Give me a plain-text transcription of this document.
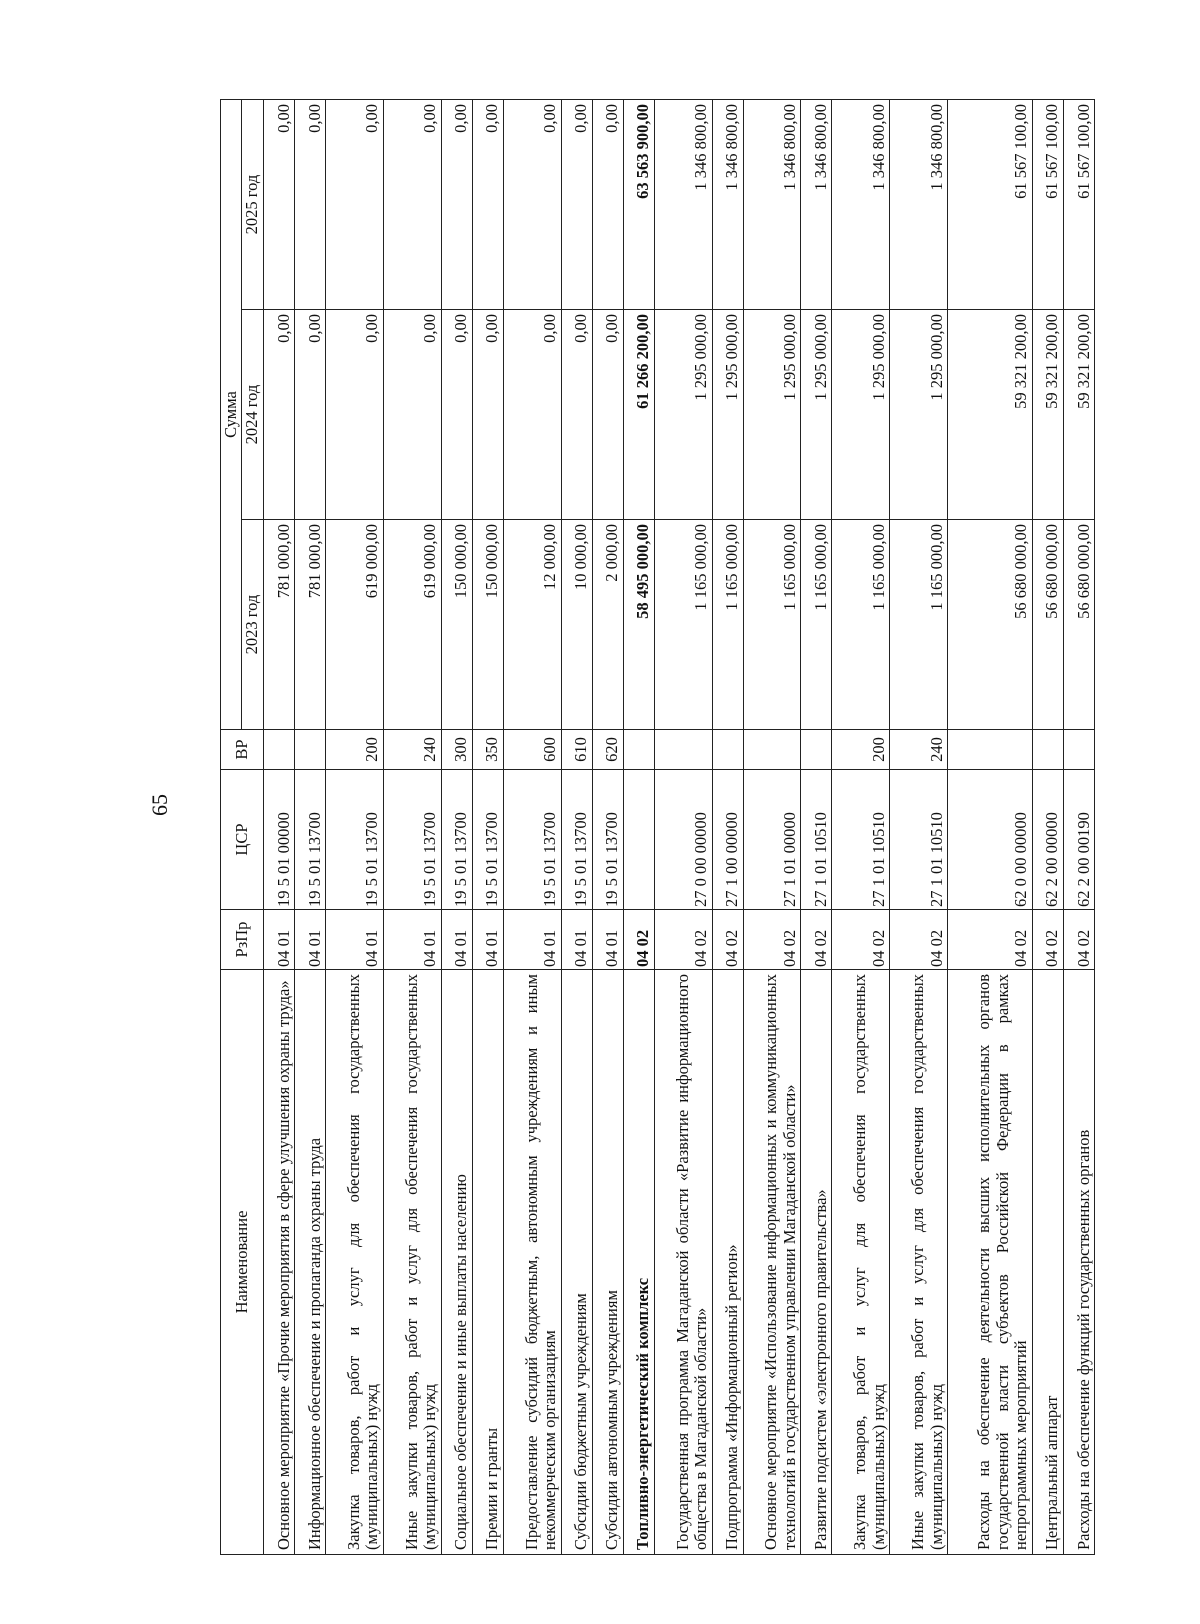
65
Наименование	РзПр	ЦСР	ВР	Сумма		
				2023 год	2024 год	2025 год
Основное мероприятие «Прочие мероприятия в сфере улучшения охраны труда»	04 01	19 5 01 00000		781 000,00	0,00	0,00
Информационное обеспечение и пропаганда охраны труда	04 01	19 5 01 13700		781 000,00	0,00	0,00
Закупка товаров, работ и услуг для обеспечения государственных (муниципальных) нужд	04 01	19 5 01 13700	200	619 000,00	0,00	0,00
Иные закупки товаров, работ и услуг для обеспечения государственных (муниципальных) нужд	04 01	19 5 01 13700	240	619 000,00	0,00	0,00
Социальное обеспечение и иные выплаты населению	04 01	19 5 01 13700	300	150 000,00	0,00	0,00
Премии и гранты	04 01	19 5 01 13700	350	150 000,00	0,00	0,00
Предоставление субсидий бюджетным, автономным учреждениям и иным некоммерческим организациям	04 01	19 5 01 13700	600	12 000,00	0,00	0,00
Субсидии бюджетным учреждениям	04 01	19 5 01 13700	610	10 000,00	0,00	0,00
Субсидии автономным учреждениям	04 01	19 5 01 13700	620	2 000,00	0,00	0,00
Топливно-энергетический комплекс	04 02			58 495 000,00	61 266 200,00	63 563 900,00
Государственная программа Магаданской области «Развитие информационного общества в Магаданской области»	04 02	27 0 00 00000		1 165 000,00	1 295 000,00	1 346 800,00
Подпрограмма «Информационный регион»	04 02	27 1 00 00000		1 165 000,00	1 295 000,00	1 346 800,00
Основное мероприятие «Использование информационных и коммуникационных технологий в государственном управлении Магаданской области»	04 02	27 1 01 00000		1 165 000,00	1 295 000,00	1 346 800,00
Развитие подсистем «электронного правительства»	04 02	27 1 01 10510		1 165 000,00	1 295 000,00	1 346 800,00
Закупка товаров, работ и услуг для обеспечения государственных (муниципальных) нужд	04 02	27 1 01 10510	200	1 165 000,00	1 295 000,00	1 346 800,00
Иные закупки товаров, работ и услуг для обеспечения государственных (муниципальных) нужд	04 02	27 1 01 10510	240	1 165 000,00	1 295 000,00	1 346 800,00
Расходы на обеспечение деятельности высших исполнительных органов государственной власти субъектов Российской Федерации в рамках непрограммных мероприятий	04 02	62 0 00 00000		56 680 000,00	59 321 200,00	61 567 100,00
Центральный аппарат	04 02	62 2 00 00000		56 680 000,00	59 321 200,00	61 567 100,00
Расходы на обеспечение функций государственных органов	04 02	62 2 00 00190		56 680 000,00	59 321 200,00	61 567 100,00
